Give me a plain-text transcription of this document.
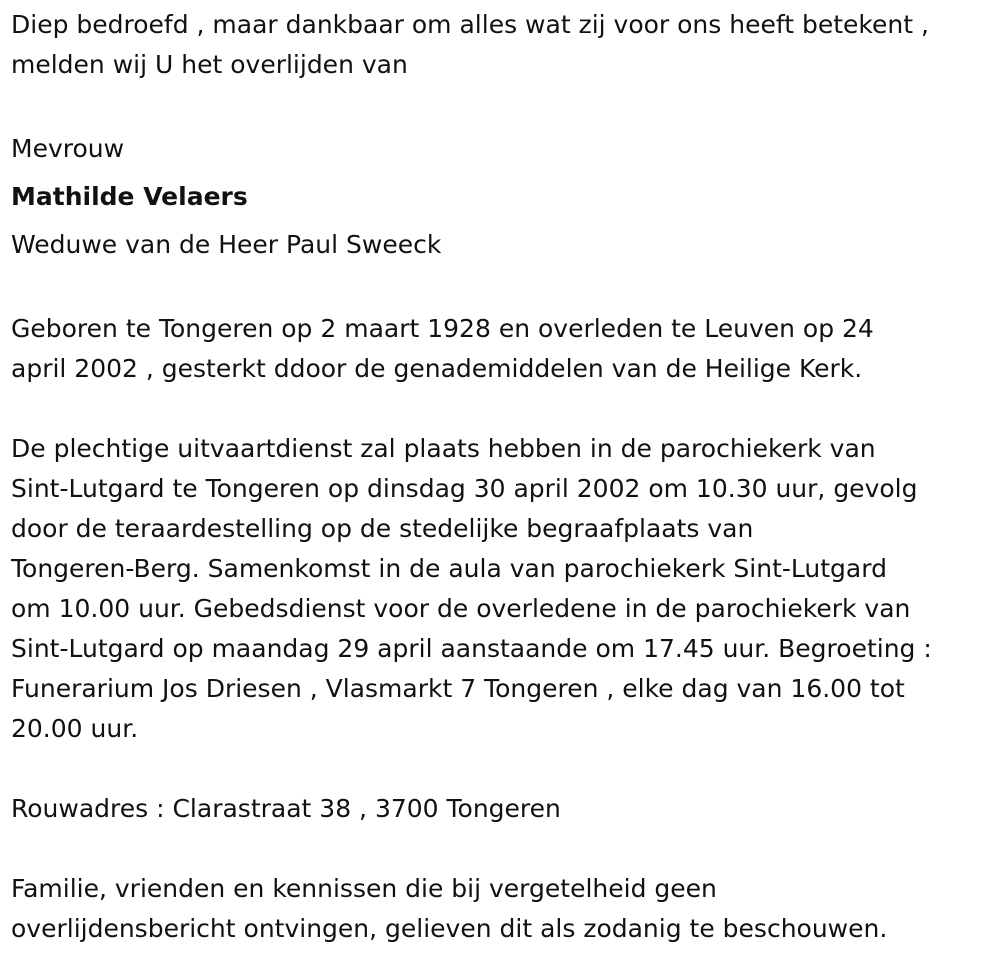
Diep bedroefd , maar dankbaar om alles wat zij voor ons heeft betekent ,
melden wij U het overlijden van

Mevrouw

Mathilde Velaers

Weduwe van de Heer Paul Sweeck

Geboren te Tongeren op 2 maart 1928 en overleden te Leuven op 24
april 2002 , gesterkt ddoor de genademiddelen van de Heilige Kerk.

De plechtige uitvaartdienst zal plaats hebben in de parochiekerk van
Sint-Lutgard te Tongeren op dinsdag 30 april 2002 om 10.30 uur, gevolg
door de teraardestelling op de stedelijke begraafplaats van
Tongeren-Berg. Samenkomst in de aula van parochiekerk Sint-Lutgard
om 10.00 uur. Gebedsdienst voor de overledene in de parochiekerk van
Sint-Lutgard op maandag 29 april aanstaande om 17.45 uur. Begroeting :
Funerarium Jos Driesen , Vlasmarkt 7 Tongeren , elke dag van 16.00 tot
20.00 uur.

Rouwadres : Clarastraat 38 , 3700 Tongeren

Familie, vrienden en kennissen die bij vergetelheid geen
overlijdensbericht ontvingen, gelieven dit als zodanig te beschouwen.
